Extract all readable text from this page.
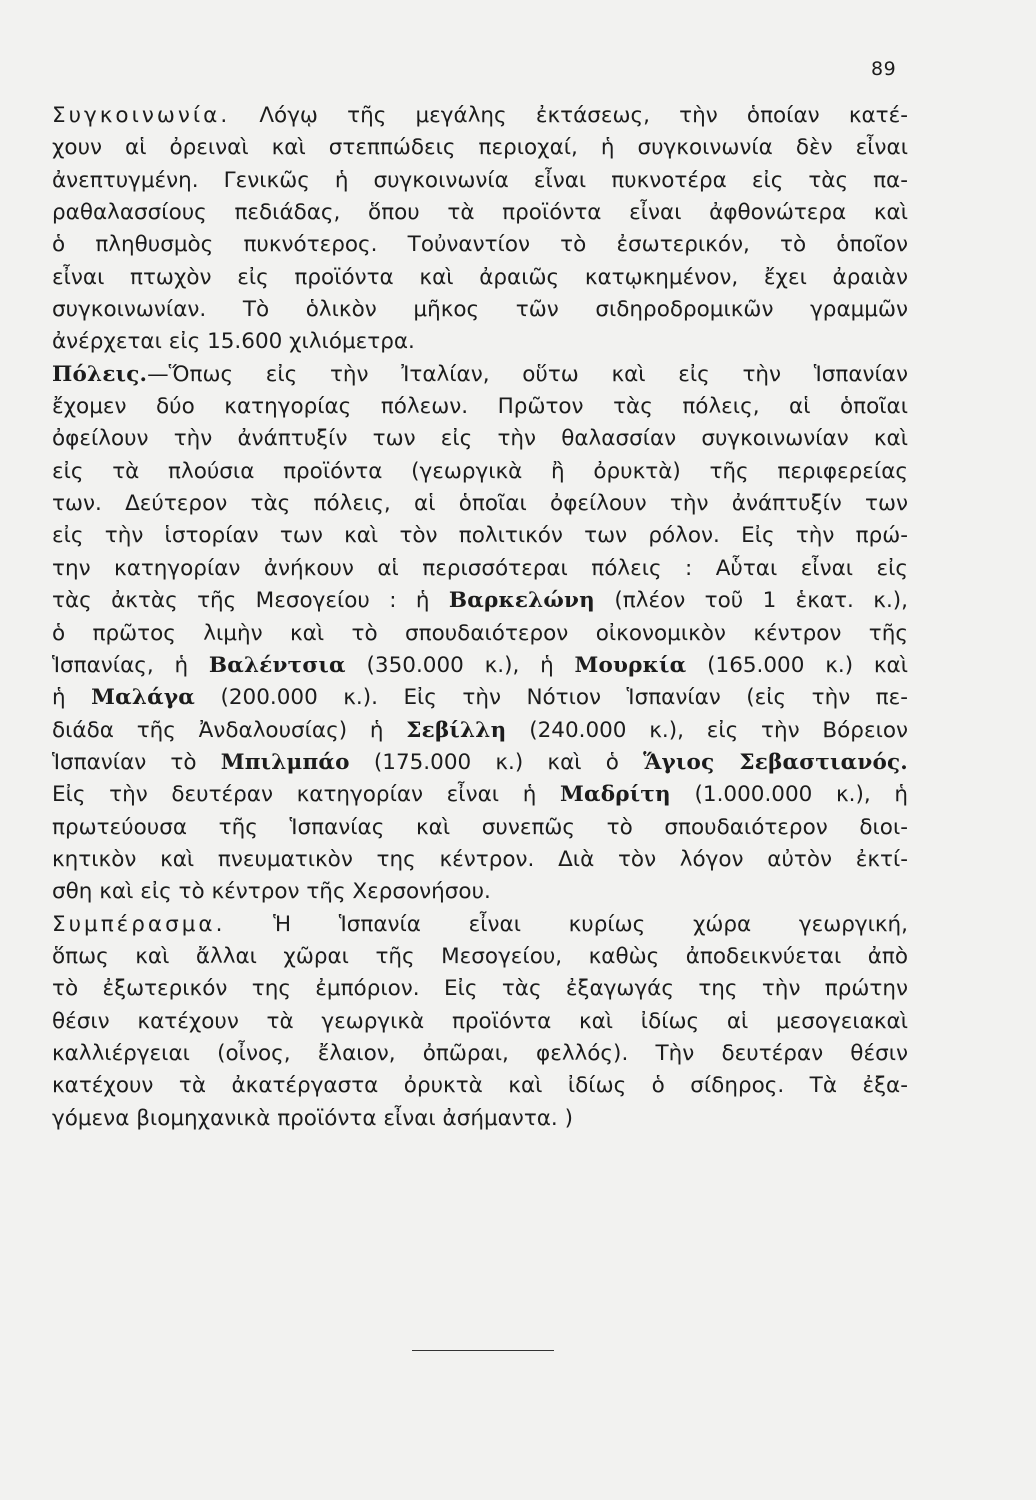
89
Συγκοινωνία. Λόγῳ τῆς μεγάλης ἐκτάσεως, τὴν ὁποίαν κατέ-
χουν αἱ ὀρειναὶ καὶ στεππώδεις περιοχαί, ἡ συγκοινωνία δὲν εἶναι
ἀνεπτυγμένη. Γενικῶς ἡ συγκοινωνία εἶναι πυκνοτέρα εἰς τὰς πα-
ραθαλασσίους πεδιάδας, ὅπου τὰ προϊόντα εἶναι ἀφθονώτερα καὶ
ὁ πληθυσμὸς πυκνότερος. Τοὐναντίον τὸ ἐσωτερικόν, τὸ ὁποῖον
εἶναι πτωχὸν εἰς προϊόντα καὶ ἀραιῶς κατῳκημένον, ἔχει ἀραιὰν
συγκοινωνίαν. Τὸ ὁλικὸν μῆκος τῶν σιδηροδρομικῶν γραμμῶν
ἀνέρχεται εἰς 15.600 χιλιόμετρα.
Πόλεις.—Ὅπως εἰς τὴν Ἰταλίαν, οὕτω καὶ εἰς τὴν Ἱσπανίαν
ἔχομεν δύο κατηγορίας πόλεων. Πρῶτον τὰς πόλεις, αἱ ὁποῖαι
ὀφείλουν τὴν ἀνάπτυξίν των εἰς τὴν θαλασσίαν συγκοινωνίαν καὶ
εἰς τὰ πλούσια προϊόντα (γεωργικὰ ἢ ὀρυκτὰ) τῆς περιφερείας
των. Δεύτερον τὰς πόλεις, αἱ ὁποῖαι ὀφείλουν τὴν ἀνάπτυξίν των
εἰς τὴν ἱστορίαν των καὶ τὸν πολιτικόν των ρόλον. Εἰς τὴν πρώ-
την κατηγορίαν ἀνήκουν αἱ περισσότεραι πόλεις : Αὗται εἶναι εἰς
τὰς ἀκτὰς τῆς Μεσογείου : ἡ Βαρκελώνη (πλέον τοῦ 1 ἑκατ. κ.),
ὁ πρῶτος λιμὴν καὶ τὸ σπουδαιότερον οἰκονομικὸν κέντρον τῆς
Ἱσπανίας, ἡ Βαλέντσια (350.000 κ.), ἡ Μουρκία (165.000 κ.) καὶ
ἡ Μαλάγα (200.000 κ.). Εἰς τὴν Νότιον Ἱσπανίαν (εἰς τὴν πε-
διάδα τῆς Ἀνδαλουσίας) ἡ Σεβίλλη (240.000 κ.), εἰς τὴν Βόρειον
Ἱσπανίαν τὸ Μπιλμπάο (175.000 κ.) καὶ ὁ Ἅγιος Σεβαστιανός.
Εἰς τὴν δευτέραν κατηγορίαν εἶναι ἡ Μαδρίτη (1.000.000 κ.), ἡ
πρωτεύουσα τῆς Ἱσπανίας καὶ συνεπῶς τὸ σπουδαιότερον διοι-
κητικὸν καὶ πνευματικὸν της κέντρον. Διὰ τὸν λόγον αὐτὸν ἐκτί-
σθη καὶ εἰς τὸ κέντρον τῆς Χερσονήσου.
Συμπέρασμα. Ἡ Ἱσπανία εἶναι κυρίως χώρα γεωργική,
ὅπως καὶ ἄλλαι χῶραι τῆς Μεσογείου, καθὼς ἀποδεικνύεται ἀπὸ
τὸ ἐξωτερικόν της ἐμπόριον. Εἰς τὰς ἐξαγωγάς της τὴν πρώτην
θέσιν κατέχουν τὰ γεωργικὰ προϊόντα καὶ ἰδίως αἱ μεσογειακαὶ
καλλιέργειαι (οἶνος, ἔλαιον, ὀπῶραι, φελλός). Τὴν δευτέραν θέσιν
κατέχουν τὰ ἀκατέργαστα ὀρυκτὰ καὶ ἰδίως ὁ σίδηρος. Τὰ ἐξα-
γόμενα βιομηχανικὰ προϊόντα εἶναι ἀσήμαντα. )
